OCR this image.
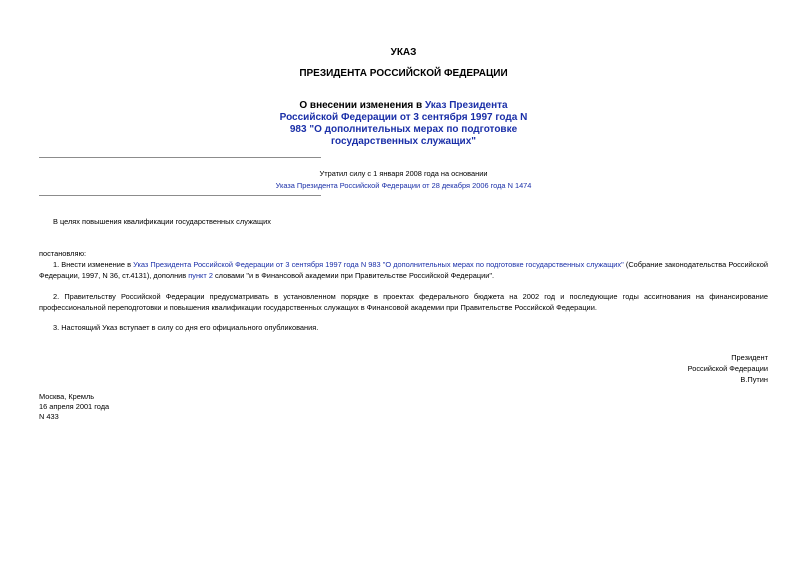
УКАЗ
ПРЕЗИДЕНТА РОССИЙСКОЙ ФЕДЕРАЦИИ
О внесении изменения в Указ Президента Российской Федерации от 3 сентября 1997 года N 983 "О дополнительных мерах по подготовке государственных служащих"
Утратил силу с 1 января 2008 года на основании
Указа Президента Российской Федерации от 28 декабря 2006 года N 1474
В целях повышения квалификации государственных служащих
постановляю:
1. Внести изменение в Указ Президента Российской Федерации от 3 сентября 1997 года N 983 "О дополнительных мерах по подготовке государственных служащих" (Собрание законодательства Российской Федерации, 1997, N 36, ст.4131), дополнив пункт 2 словами "и в Финансовой академии при Правительстве Российской Федерации".
2. Правительству Российской Федерации предусматривать в установленном порядке в проектах федерального бюджета на 2002 год и последующие годы ассигнования на финансирование профессиональной переподготовки и повышения квалификации государственных служащих в Финансовой академии при Правительстве Российской Федерации.
3. Настоящий Указ вступает в силу со дня его официального опубликования.
Президент
Российской Федерации
В.Путин
Москва, Кремль
16 апреля 2001 года
N 433
